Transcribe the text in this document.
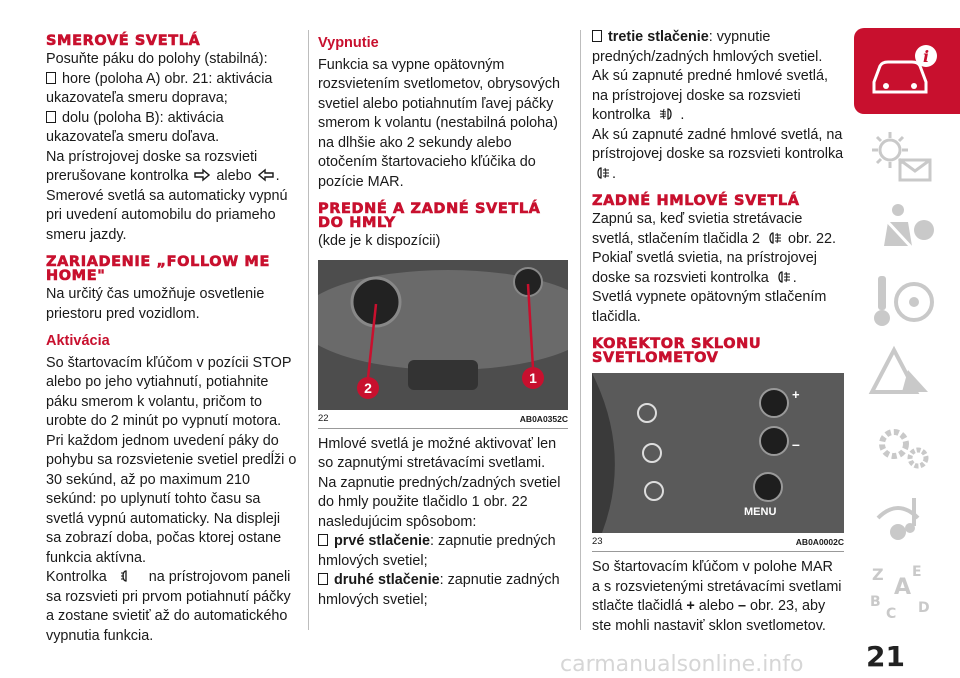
SMEROVÉ SVETLÁ

Posuňte páku do polohy (stabilná):

hore (poloha A) obr. 21: aktivácia ukazovateľa smeru doprava;

dolu (poloha B): aktivácia ukazovateľa smeru doľava.

Na prístrojovej doske sa rozsvieti prerušovane kontrolka alebo .

Smerové svetlá sa automaticky vypnú pri uvedení automobilu do priameho smeru jazdy.

ZARIADENIE „FOLLOW ME HOME"

Na určitý čas umožňuje osvetlenie priestoru pred vozidlom.

Aktivácia

So štartovacím kľúčom v pozícii STOP alebo po jeho vytiahnutí, potiahnite páku smerom k volantu, pričom to urobte do 2 minút po vypnutí motora. Pri každom jednom uvedení páky do pohybu sa rozsvietenie svetiel predĺži o 30 sekúnd, až po maximum 210 sekúnd: po uplynutí tohto času sa svetlá vypnú automaticky. Na displeji sa zobrazí doba, počas ktorej ostane funkcia aktívna.

Kontrolka	na prístrojovom paneli sa rozsvieti pri prvom potiahnutí páčky a zostane svietiť až do automatického vypnutia funkcia.

Vypnutie

Funkcia sa vypne opätovným rozsvietením svetlometov, obrysových svetiel alebo potiahnutím ľavej páčky smerom k volantu (nestabilná poloha) na dlhšie ako 2 sekundy alebo otočením štartovacieho kľúčika do pozície MAR.

PREDNÉ A ZADNÉ SVETLÁ DO HMLY

(kde je k dispozícii)

2
1
22	AB0A0352C

Hmlové svetlá je možné aktivovať len so zapnutými stretávacími svetlami.

Na zapnutie predných/zadných svetiel do hmly použite tlačidlo 1 obr. 22 nasledujúcim spôsobom:

prvé stlačenie: zapnutie predných hmlových svetiel;

druhé stlačenie: zapnutie zadných hmlových svetiel;

tretie stlačenie: vypnutie predných/zadných hmlových svetiel.

Ak sú zapnuté predné hmlové svetlá, na prístrojovej doske sa rozsvieti kontrolka .

Ak sú zapnuté zadné hmlové svetlá, na prístrojovej doske sa rozsvieti kontrolka .

ZADNÉ HMLOVÉ SVETLÁ

Zapnú sa, keď svietia stretávacie svetlá, stlačením tlačidla 2 obr. 22.

Pokiaľ svetlá svietia, na prístrojovej doske sa rozsvieti kontrolka .

Svetlá vypnete opätovným stlačením tlačidla.

KOREKTOR SKLONU SVETLOMETOV
+
–
MENU
23	AB0A0002C

So štartovacím kľúčom v polohe MAR a s rozsvietenými stretávacími svetlami stlačte tlačidlá + alebo – obr. 23, aby ste mohli nastaviť sklon svetlometov.

i
Z E
A
B
C D
21
carmanualsonline.info
